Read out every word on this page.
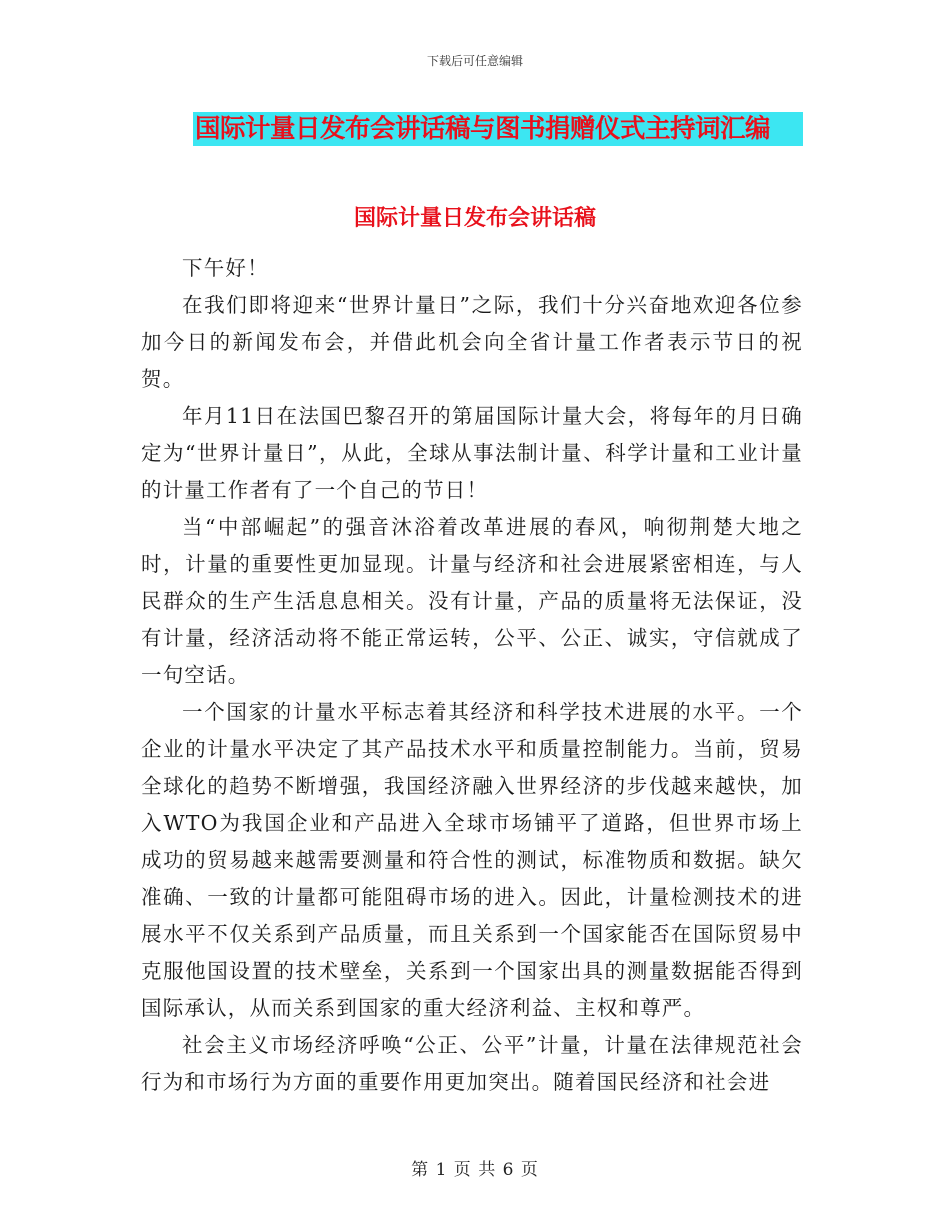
下载后可任意编辑
国际计量日发布会讲话稿与图书捐赠仪式主持词汇编
国际计量日发布会讲话稿

下午好！

在我们即将迎来“世界计量日”之际，我们十分兴奋地欢迎各位参加今日的新闻发布会，并借此机会向全省计量工作者表示节日的祝贺。

年月11日在法国巴黎召开的第届国际计量大会，将每年的月日确定为“世界计量日”，从此，全球从事法制计量、科学计量和工业计量的计量工作者有了一个自己的节日！

当“中部崛起”的强音沐浴着改革进展的春风，响彻荆楚大地之时，计量的重要性更加显现。计量与经济和社会进展紧密相连，与人民群众的生产生活息息相关。没有计量，产品的质量将无法保证，没有计量，经济活动将不能正常运转，公平、公正、诚实，守信就成了一句空话。

一个国家的计量水平标志着其经济和科学技术进展的水平。一个企业的计量水平决定了其产品技术水平和质量控制能力。当前，贸易全球化的趋势不断增强，我国经济融入世界经济的步伐越来越快，加入WTO为我国企业和产品进入全球市场铺平了道路，但世界市场上成功的贸易越来越需要测量和符合性的测试，标准物质和数据。缺欠准确、一致的计量都可能阻碍市场的进入。因此，计量检测技术的进展水平不仅关系到产品质量，而且关系到一个国家能否在国际贸易中克服他国设置的技术壁垒，关系到一个国家出具的测量数据能否得到国际承认，从而关系到国家的重大经济利益、主权和尊严。

社会主义市场经济呼唤“公正、公平”计量，计量在法律规范社会行为和市场行为方面的重要作用更加突出。随着国民经济和社会进

第 1 页 共 6 页
